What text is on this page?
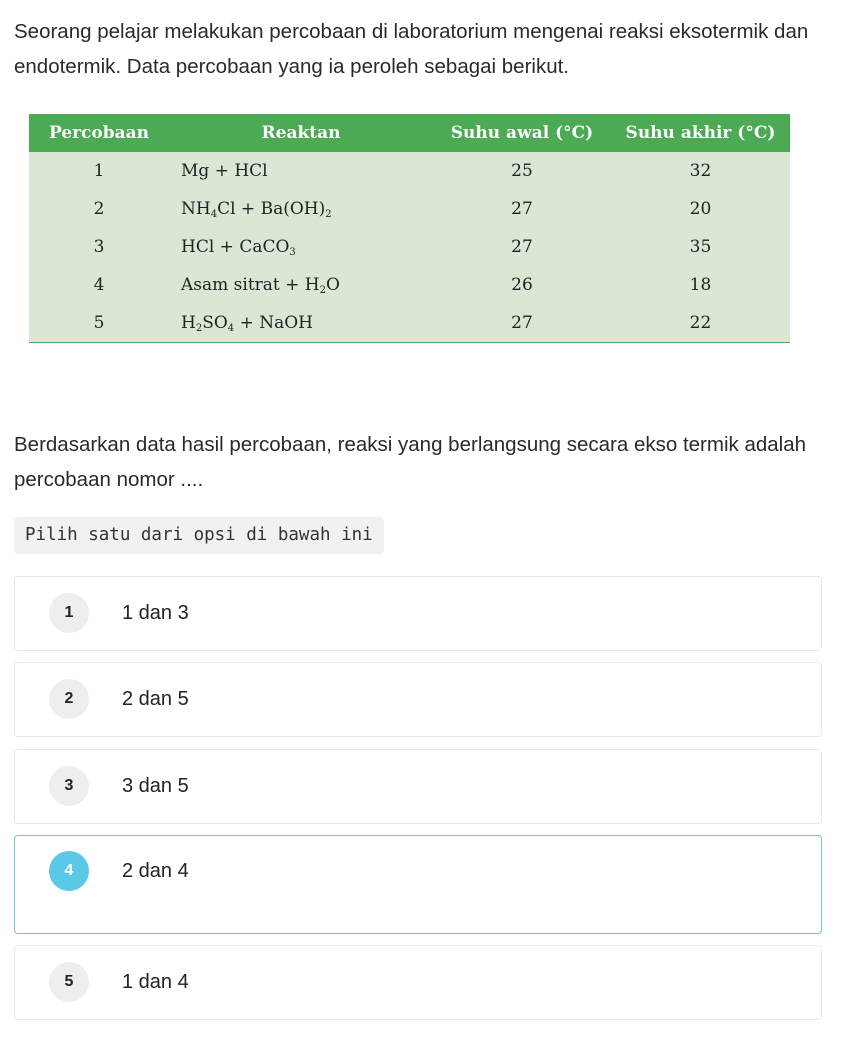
Seorang pelajar melakukan percobaan di laboratorium mengenai reaksi eksotermik dan endotermik. Data percobaan yang ia peroleh sebagai berikut.
Percobaan	Reaktan	Suhu awal (°C)	Suhu akhir (°C)
1	Mg + HCl	25	32
2	$NH_4Cl + Ba(OH)_2$	27	20
3	HCl + CaCO$_3$	27	35
4	Asam sitrat + $H_2O$	26	18
5	$H_2SO_4$ + NaOH	27	22
Berdasarkan data hasil percobaan, reaksi yang berlangsung secara ekso termik adalah percobaan nomor ....
Pilih satu dari opsi di bawah ini
1	1 dan 3
2	2 dan 5
3	3 dan 5
4	2 dan 4
5	1 dan 4
